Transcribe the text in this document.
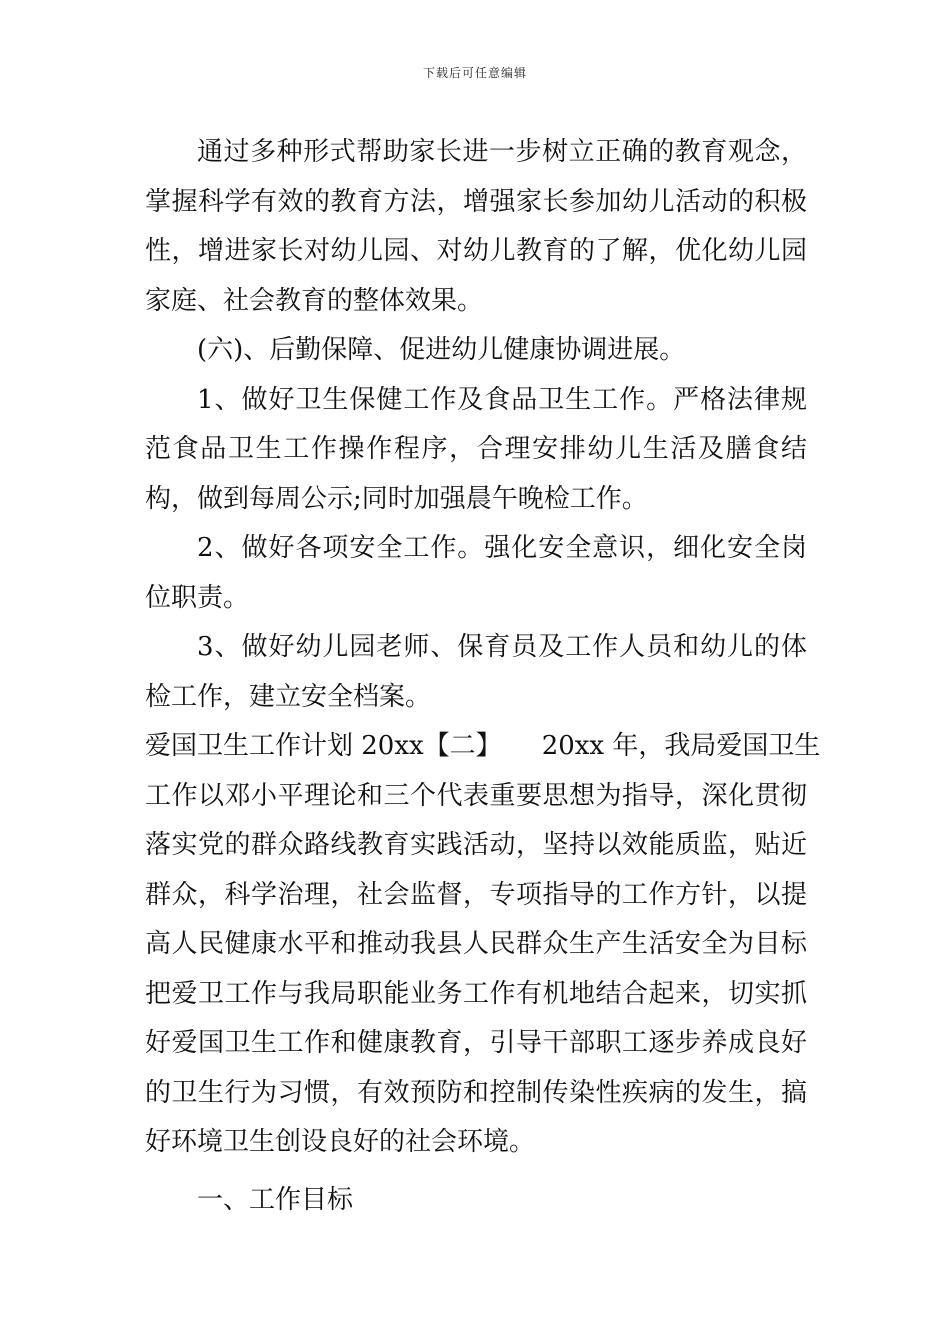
下载后可任意编辑

通过多种形式帮助家长进一步树立正确的教育观念，掌握科学有效的教育方法，增强家长参加幼儿活动的积极性，增进家长对幼儿园、对幼儿教育的了解，优化幼儿园家庭、社会教育的整体效果。

(六)、后勤保障、促进幼儿健康协调进展。

1、做好卫生保健工作及食品卫生工作。严格法律规范食品卫生工作操作程序，合理安排幼儿生活及膳食结构，做到每周公示;同时加强晨午晚检工作。

2、做好各项安全工作。强化安全意识，细化安全岗位职责。

3、做好幼儿园老师、保育员及工作人员和幼儿的体检工作，建立安全档案。

爱国卫生工作计划 20xx【二】 20xx 年，我局爱国卫生

工作以邓小平理论和三个代表重要思想为指导，深化贯彻落实党的群众路线教育实践活动，坚持以效能质监，贴近群众，科学治理，社会监督，专项指导的工作方针，以提高人民健康水平和推动我县人民群众生产生活安全为目标把爱卫工作与我局职能业务工作有机地结合起来，切实抓好爱国卫生工作和健康教育，引导干部职工逐步养成良好的卫生行为习惯，有效预防和控制传染性疾病的发生，搞好环境卫生创设良好的社会环境。

一、工作目标
